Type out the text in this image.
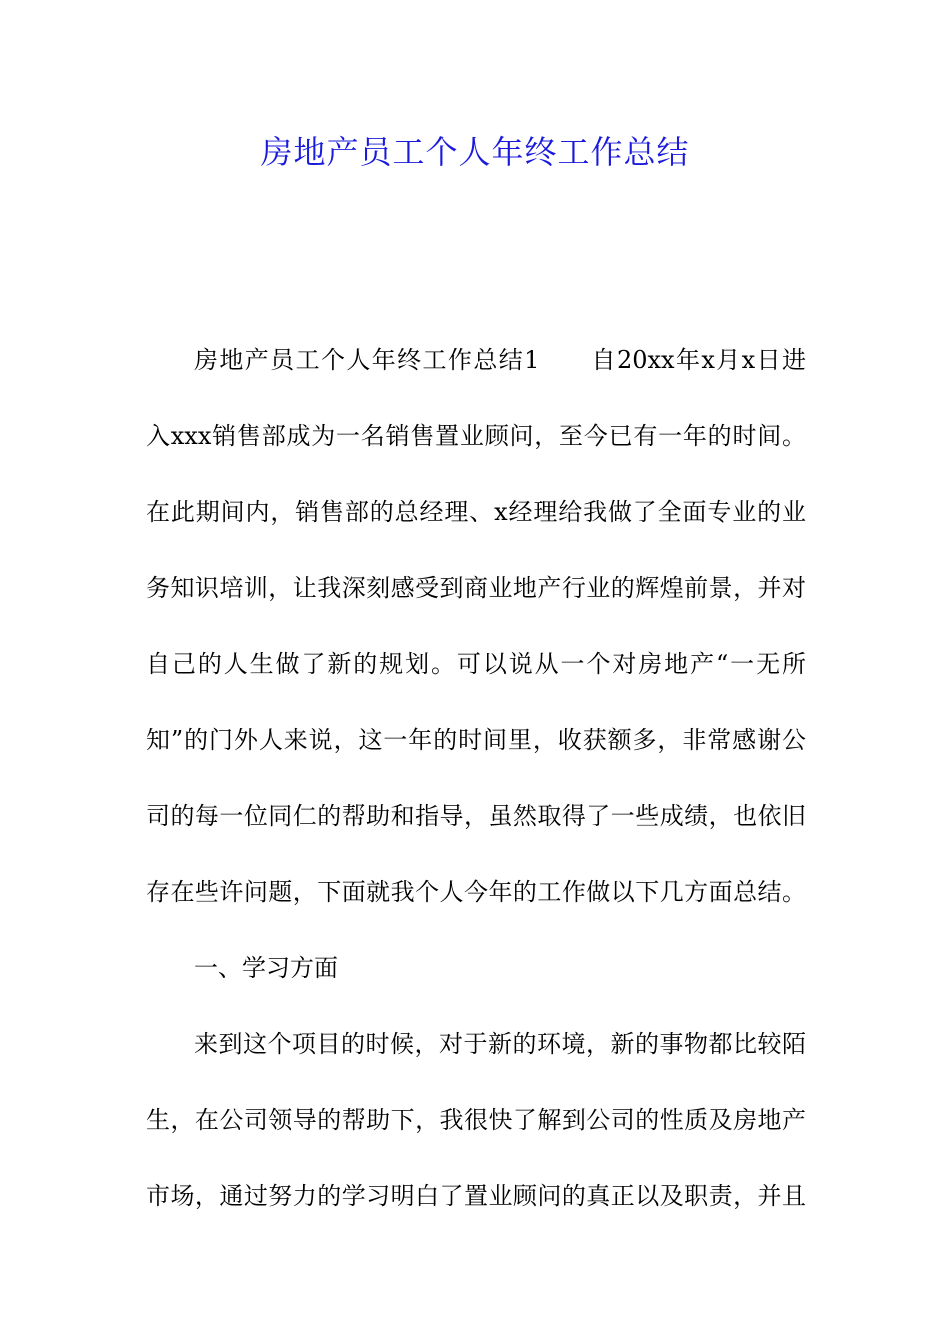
房地产员工个人年终工作总结
房地产员工个人年终工作总结1　　自20xx年x月x日进
入xxx销售部成为一名销售置业顾问，至今已有一年的时间。
在此期间内，销售部的总经理、x经理给我做了全面专业的业
务知识培训，让我深刻感受到商业地产行业的辉煌前景，并对
自己的人生做了新的规划。可以说从一个对房地产“一无所
知”的门外人来说，这一年的时间里，收获额多，非常感谢公
司的每一位同仁的帮助和指导，虽然取得了一些成绩，也依旧
存在些许问题，下面就我个人今年的工作做以下几方面总结。
一、学习方面
来到这个项目的时候，对于新的环境，新的事物都比较陌
生，在公司领导的帮助下，我很快了解到公司的性质及房地产
市场，通过努力的学习明白了置业顾问的真正以及职责，并且
